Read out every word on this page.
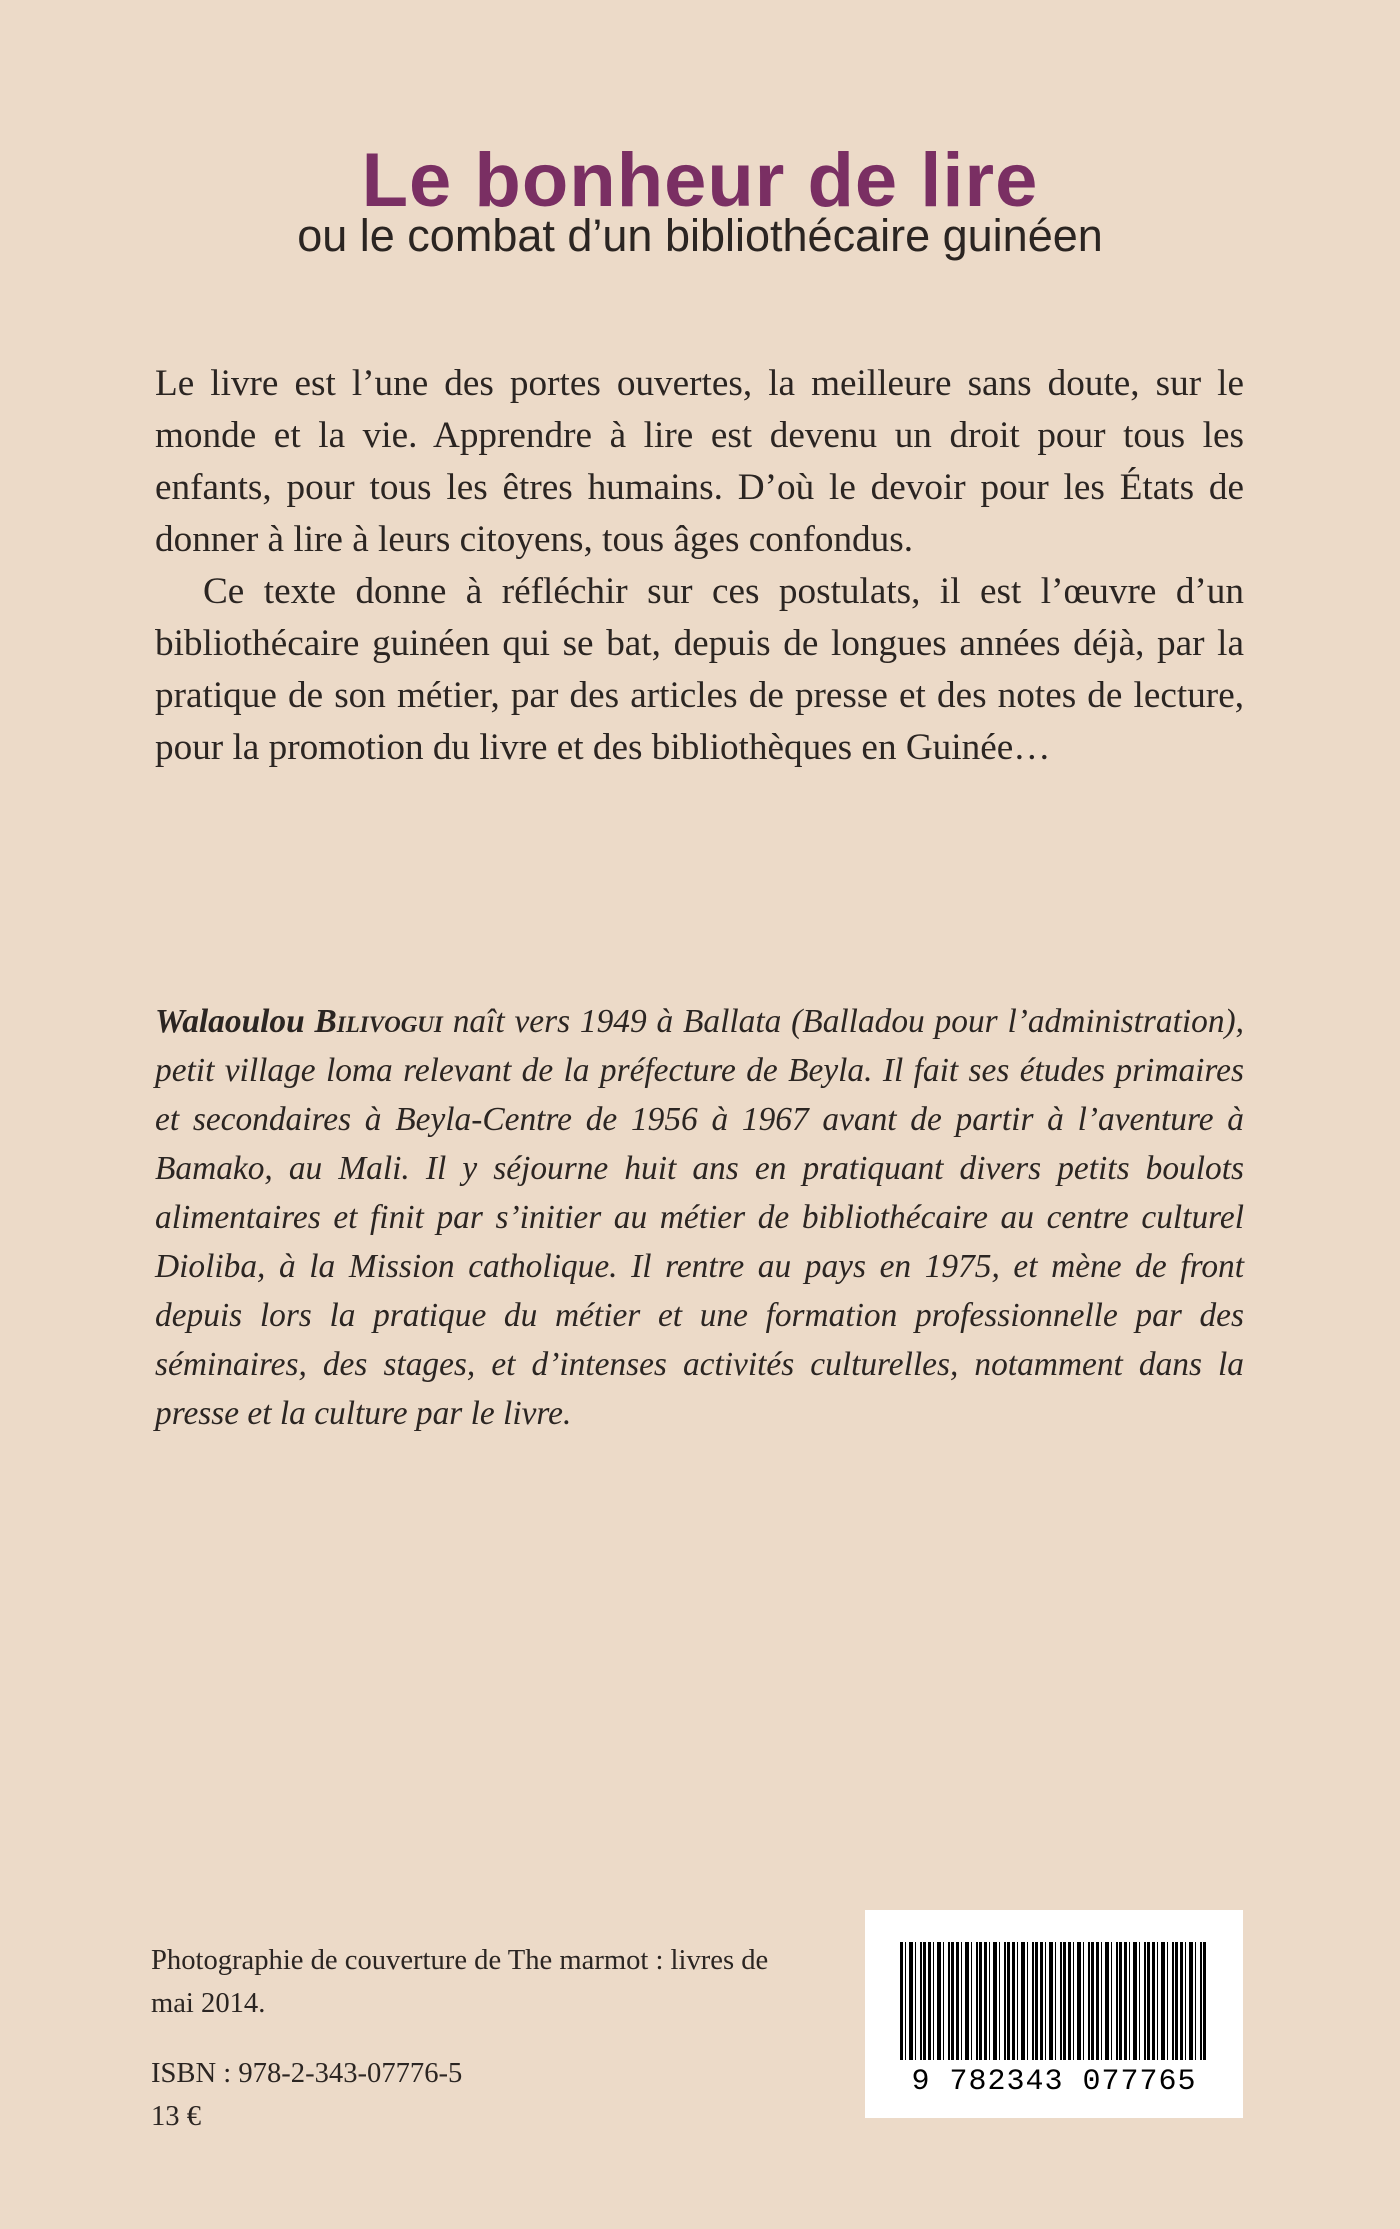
Le bonheur de lire
ou le combat d’un bibliothécaire guinéen

Le livre est l’une des portes ouvertes, la meilleure sans doute, sur le monde et la vie. Apprendre à lire est devenu un droit pour tous les enfants, pour tous les êtres humains. D’où le devoir pour les États de donner à lire à leurs citoyens, tous âges confondus.

Ce texte donne à réfléchir sur ces postulats, il est l’œuvre d’un bibliothécaire guinéen qui se bat, depuis de longues années déjà, par la pratique de son métier, par des articles de presse et des notes de lecture, pour la promotion du livre et des bibliothèques en Guinée…

Walaoulou Bilivogui naît vers 1949 à Ballata (Balladou pour l’administration), petit village loma relevant de la préfecture de Beyla. Il fait ses études primaires et secondaires à Beyla-Centre de 1956 à 1967 avant de partir à l’aventure à Bamako, au Mali. Il y séjourne huit ans en pratiquant divers petits boulots alimentaires et finit par s’initier au métier de bibliothécaire au centre culturel Dioliba, à la Mission catholique. Il rentre au pays en 1975, et mène de front depuis lors la pratique du métier et une formation professionnelle par des séminaires, des stages, et d’intenses activités culturelles, notamment dans la presse et la culture par le livre.
Photographie de couverture de The marmot : livres de mai 2014.
ISBN : 978-2-343-07776-5
13 €
9 782343 077765
